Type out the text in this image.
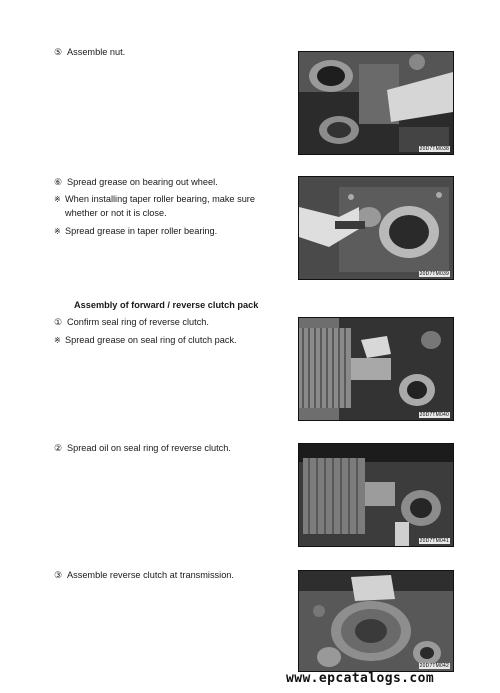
⑤ Assemble nut.
20D7TM038
⑥ Spread grease on bearing out wheel.
※ When installing taper roller bearing, make sure
whether or not it is close.
※ Spread grease in taper roller bearing.
20D7TM039
Assembly of forward / reverse clutch pack
① Confirm seal ring of reverse clutch.
※ Spread grease on seal ring of clutch pack.
20D7TM040
② Spread oil on seal ring of reverse clutch.
20D7TM041
③ Assemble reverse clutch at transmission.
20D7TM042
www.epcatalogs.com
